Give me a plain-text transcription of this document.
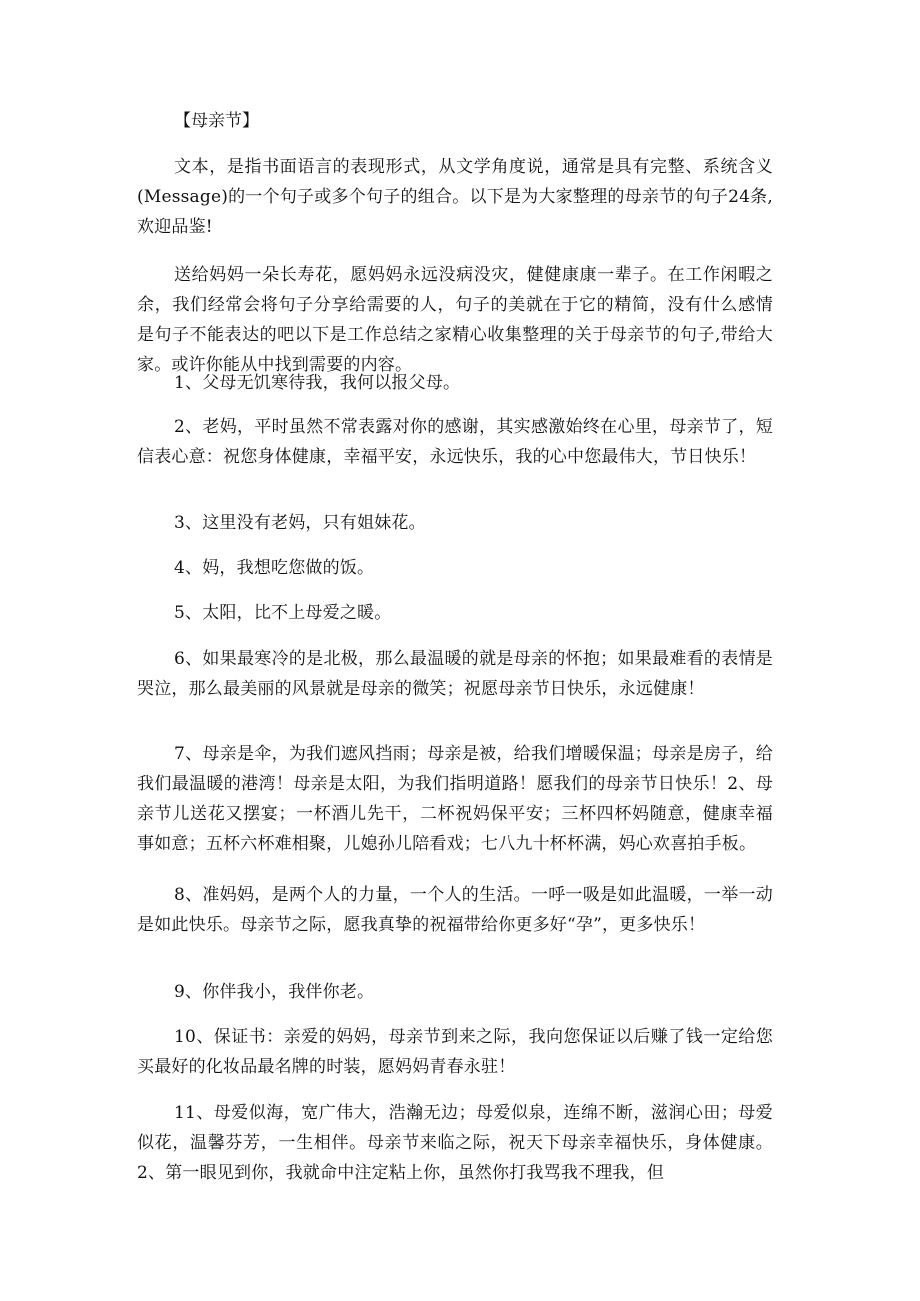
【母亲节】

文本，是指书面语言的表现形式，从文学角度说，通常是具有完整、系统含义(Message)的一个句子或多个句子的组合。以下是为大家整理的母亲节的句子24条,欢迎品鉴!

送给妈妈一朵长寿花，愿妈妈永远没病没灾，健健康康一辈子。在工作闲暇之余，我们经常会将句子分享给需要的人，句子的美就在于它的精简，没有什么感情是句子不能表达的吧以下是工作总结之家精心收集整理的关于母亲节的句子,带给大家。或许你能从中找到需要的内容。

1、父母无饥寒待我，我何以报父母。

2、老妈，平时虽然不常表露对你的感谢，其实感激始终在心里，母亲节了，短信表心意：祝您身体健康，幸福平安，永远快乐，我的心中您最伟大，节日快乐！

3、这里没有老妈，只有姐妹花。

4、妈，我想吃您做的饭。

5、太阳，比不上母爱之暖。

6、如果最寒冷的是北极，那么最温暖的就是母亲的怀抱；如果最难看的表情是哭泣，那么最美丽的风景就是母亲的微笑；祝愿母亲节日快乐，永远健康！

7、母亲是伞，为我们遮风挡雨；母亲是被，给我们增暖保温；母亲是房子，给我们最温暖的港湾！母亲是太阳，为我们指明道路！愿我们的母亲节日快乐！2、母亲节儿送花又摆宴；一杯酒儿先干，二杯祝妈保平安；三杯四杯妈随意，健康幸福事如意；五杯六杯难相聚，儿媳孙儿陪看戏；七八九十杯杯满，妈心欢喜拍手板。

8、准妈妈，是两个人的力量，一个人的生活。一呼一吸是如此温暖，一举一动是如此快乐。母亲节之际，愿我真挚的祝福带给你更多好“孕”，更多快乐！

9、你伴我小，我伴你老。

10、保证书：亲爱的妈妈，母亲节到来之际，我向您保证以后赚了钱一定给您买最好的化妆品最名牌的时装，愿妈妈青春永驻！

11、母爱似海，宽广伟大，浩瀚无边；母爱似泉，连绵不断，滋润心田；母爱似花，温馨芬芳，一生相伴。母亲节来临之际，祝天下母亲幸福快乐，身体健康。2、第一眼见到你，我就命中注定粘上你，虽然你打我骂我不理我，但
